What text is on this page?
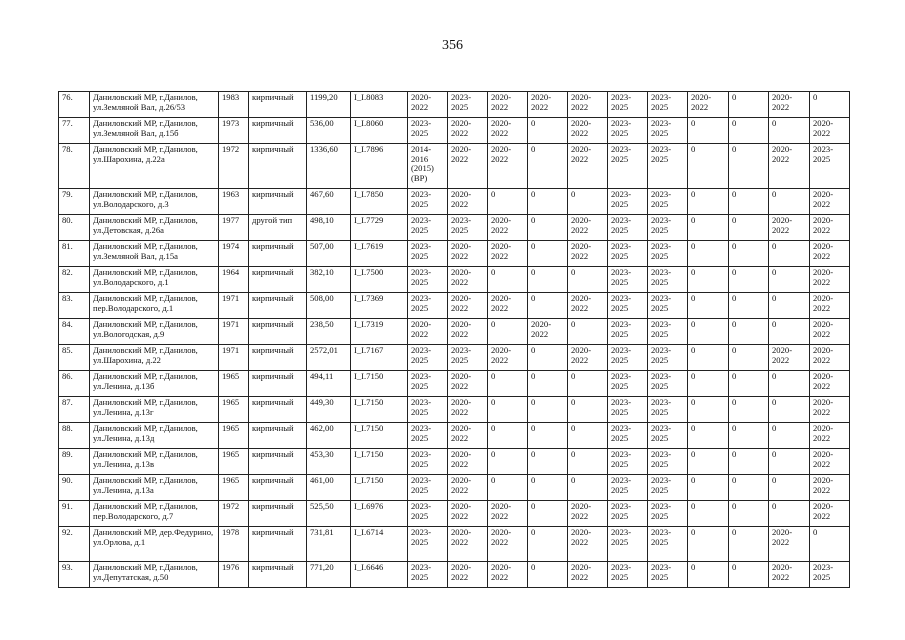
356
76.	Даниловский МР, г.Данилов, ул.Земляной Вал, д.26/53	1983	кирпичный	1199,20	I_I.8083	2020-
2022	2023-
2025	2020-
2022	2020-
2022	2020-
2022	2023-
2025	2023-
2025	2020-
2022	0	2020-
2022	0
77.	Даниловский МР, г.Данилов, ул.Земляной Вал, д.15б	1973	кирпичный	536,00	I_I.8060	2023-
2025	2020-
2022	2020-
2022	0	2020-
2022	2023-
2025	2023-
2025	0	0	0	2020-
2022
78.	Даниловский МР, г.Данилов, ул.Шарохина, д.22а	1972	кирпичный	1336,60	I_I.7896	2014-
2016
(2015)
(ВР)	2020-
2022	2020-
2022	0	2020-
2022	2023-
2025	2023-
2025	0	0	2020-
2022	2023-
2025
79.	Даниловский МР, г.Данилов, ул.Володарского, д.3	1963	кирпичный	467,60	I_I.7850	2023-
2025	2020-
2022	0	0	0	2023-
2025	2023-
2025	0	0	0	2020-
2022
80.	Даниловский МР, г.Данилов, ул.Детовская, д.26а	1977	другой тип	498,10	I_I.7729	2023-
2025	2023-
2025	2020-
2022	0	2020-
2022	2023-
2025	2023-
2025	0	0	2020-
2022	2020-
2022
81.	Даниловский МР, г.Данилов, ул.Земляной Вал, д.15а	1974	кирпичный	507,00	I_I.7619	2023-
2025	2020-
2022	2020-
2022	0	2020-
2022	2023-
2025	2023-
2025	0	0	0	2020-
2022
82.	Даниловский МР, г.Данилов, ул.Володарского, д.1	1964	кирпичный	382,10	I_I.7500	2023-
2025	2020-
2022	0	0	0	2023-
2025	2023-
2025	0	0	0	2020-
2022
83.	Даниловский МР, г.Данилов, пер.Володарского, д.1	1971	кирпичный	508,00	I_I.7369	2023-
2025	2020-
2022	2020-
2022	0	2020-
2022	2023-
2025	2023-
2025	0	0	0	2020-
2022
84.	Даниловский МР, г.Данилов, ул.Вологодская, д.9	1971	кирпичный	238,50	I_I.7319	2020-
2022	2020-
2022	0	2020-
2022	0	2023-
2025	2023-
2025	0	0	0	2020-
2022
85.	Даниловский МР, г.Данилов, ул.Шарохина, д.22	1971	кирпичный	2572,01	I_I.7167	2023-
2025	2023-
2025	2020-
2022	0	2020-
2022	2023-
2025	2023-
2025	0	0	2020-
2022	2020-
2022
86.	Даниловский МР, г.Данилов, ул.Ленина, д.13б	1965	кирпичный	494,11	I_I.7150	2023-
2025	2020-
2022	0	0	0	2023-
2025	2023-
2025	0	0	0	2020-
2022
87.	Даниловский МР, г.Данилов, ул.Ленина, д.13г	1965	кирпичный	449,30	I_I.7150	2023-
2025	2020-
2022	0	0	0	2023-
2025	2023-
2025	0	0	0	2020-
2022
88.	Даниловский МР, г.Данилов, ул.Ленина, д.13д	1965	кирпичный	462,00	I_I.7150	2023-
2025	2020-
2022	0	0	0	2023-
2025	2023-
2025	0	0	0	2020-
2022
89.	Даниловский МР, г.Данилов, ул.Ленина, д.13в	1965	кирпичный	453,30	I_I.7150	2023-
2025	2020-
2022	0	0	0	2023-
2025	2023-
2025	0	0	0	2020-
2022
90.	Даниловский МР, г.Данилов, ул.Ленина, д.13а	1965	кирпичный	461,00	I_I.7150	2023-
2025	2020-
2022	0	0	0	2023-
2025	2023-
2025	0	0	0	2020-
2022
91.	Даниловский МР, г.Данилов, пер.Володарского, д.7	1972	кирпичный	525,50	I_I.6976	2023-
2025	2020-
2022	2020-
2022	0	2020-
2022	2023-
2025	2023-
2025	0	0	0	2020-
2022
92.	Даниловский МР, дер.Федурино, ул.Орлова, д.1	1978	кирпичный	731,81	I_I.6714	2023-
2025	2020-
2022	2020-
2022	0	2020-
2022	2023-
2025	2023-
2025	0	0	2020-
2022	0
93.	Даниловский МР, г.Данилов, ул.Депутатская, д.50	1976	кирпичный	771,20	I_I.6646	2023-
2025	2020-
2022	2020-
2022	0	2020-
2022	2023-
2025	2023-
2025	0	0	2020-
2022	2023-
2025
